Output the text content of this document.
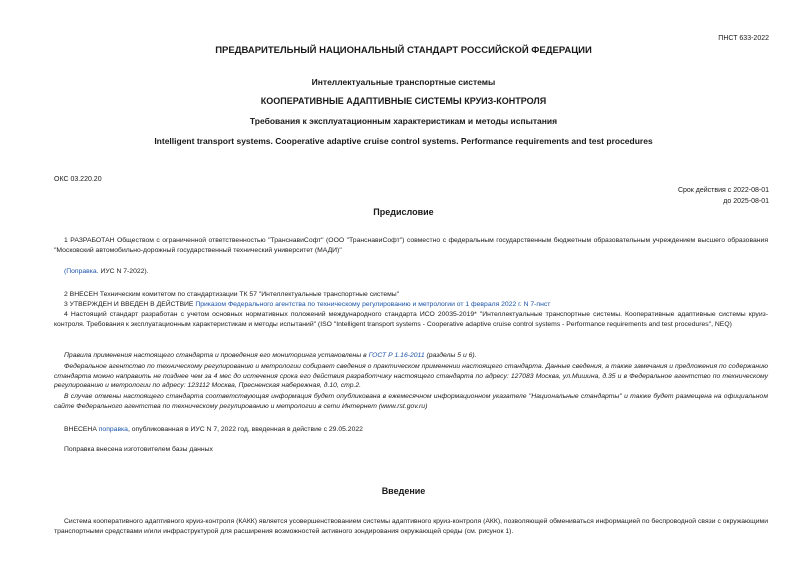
ПНСТ 633-2022
ПРЕДВАРИТЕЛЬНЫЙ НАЦИОНАЛЬНЫЙ СТАНДАРТ РОССИЙСКОЙ ФЕДЕРАЦИИ
Интеллектуальные транспортные системы
КООПЕРАТИВНЫЕ АДАПТИВНЫЕ СИСТЕМЫ КРУИЗ-КОНТРОЛЯ
Требования к эксплуатационным характеристикам и методы испытания
Intelligent transport systems. Cooperative adaptive cruise control systems. Performance requirements and test procedures
ОКС 03.220.20
Срок действия с 2022-08-01
до 2025-08-01
Предисловие

1 РАЗРАБОТАН Обществом с ограниченной ответственностью "ТранснавиСофт" (ООО "ТранснавиСофт") совместно с федеральным государственным бюджетным образовательным учреждением высшего образования "Московский автомобильно-дорожный государственный технический университет (МАДИ)"

(Поправка. ИУС N 7-2022).

2 ВНЕСЕН Техническим комитетом по стандартизации ТК 57 "Интеллектуальные транспортные системы"

3 УТВЕРЖДЕН И ВВЕДЕН В ДЕЙСТВИЕ Приказом Федерального агентства по техническому регулированию и метрологии от 1 февраля 2022 г. N 7-пнст

4 Настоящий стандарт разработан с учетом основных нормативных положений международного стандарта ИСО 20035-2019* "Интеллектуальные транспортные системы. Кооперативные адаптивные системы круиз-контроля. Требования к эксплуатационным характеристикам и методы испытаний" (ISO "Intelligent transport systems - Cooperative adaptive cruise control systems - Performance requirements and test procedures", NEQ)

Правила применения настоящего стандарта и проведения его мониторинга установлены в ГОСТ Р 1.16-2011 (разделы 5 и 6).

Федеральное агентство по техническому регулированию и метрологии собирает сведения о практическом применении настоящего стандарта. Данные сведения, а также замечания и предложения по содержанию стандарта можно направить не позднее чем за 4 мес до истечения срока его действия разработчику настоящего стандарта по адресу: 127083 Москва, ул.Мишина, д.35 и в Федеральное агентство по техническому регулированию и метрологии по адресу: 123112 Москва, Пресненская набережная, д.10, стр.2.

В случае отмены настоящего стандарта соответствующая информация будет опубликована в ежемесячном информационном указателе "Национальные стандарты" и также будет размещена на официальном сайте Федерального агентства по техническому регулированию и метрологии в сети Интернет (www.rst.gov.ru)

ВНЕСЕНА поправка, опубликованная в ИУС N 7, 2022 год, введенная в действие с 29.05.2022

Поправка внесена изготовителем базы данных

Введение

Система кооперативного адаптивного круиз-контроля (КАКК) является усовершенствованием системы адаптивного круиз-контроля (АКК), позволяющей обмениваться информацией по беспроводной связи с окружающими транспортными средствами и/или инфраструктурой для расширения возможностей активного зондирования окружающей среды (см. рисунок 1).
